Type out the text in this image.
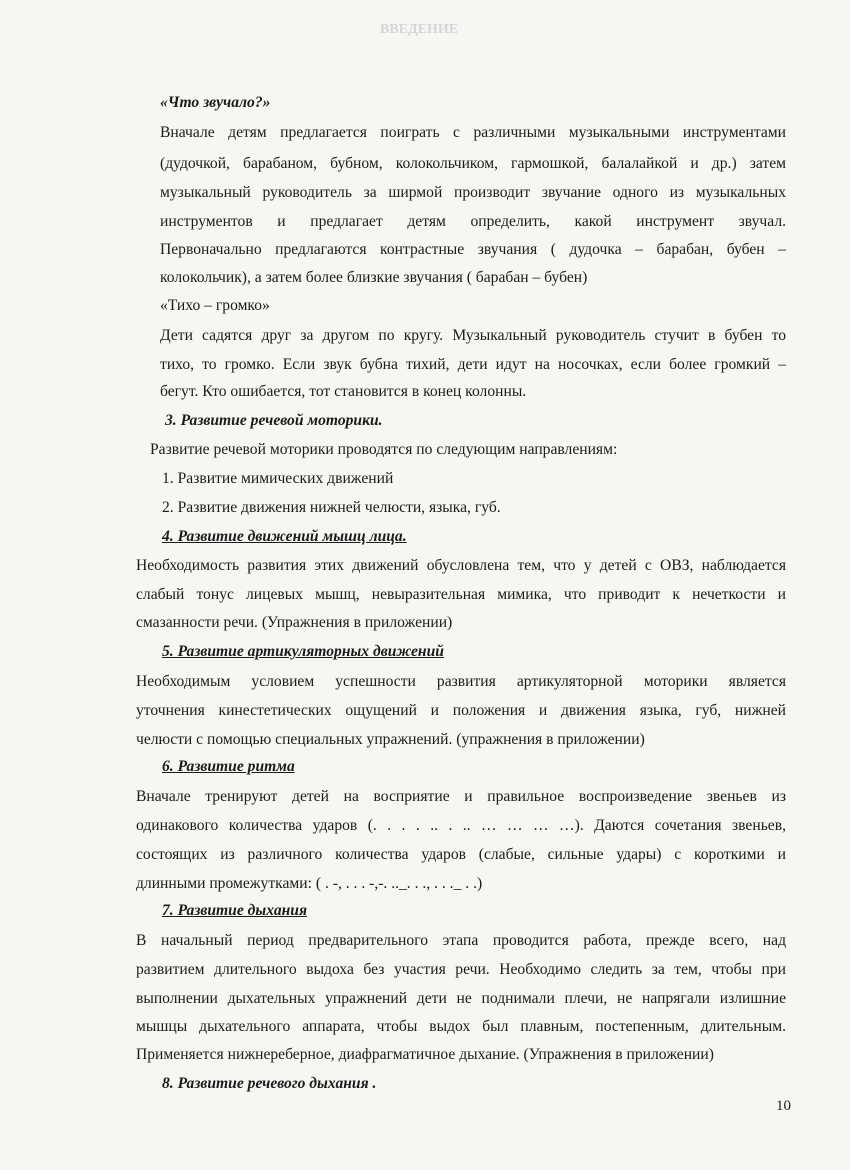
ВВЕДЕНИЕ
«Что звучало?»
Вначале детям предлагается поиграть с различными музыкальными инструментами
(дудочкой, барабаном, бубном, колокольчиком, гармошкой, балалайкой и др.) затем
музыкальный руководитель за ширмой производит звучание одного из музыкальных
инструментов и предлагает детям определить, какой инструмент звучал.
Первоначально предлагаются контрастные звучания ( дудочка – барабан, бубен –
колокольчик), а затем более близкие звучания ( барабан – бубен)
«Тихо – громко»
Дети садятся друг за другом по кругу. Музыкальный руководитель стучит в бубен то
тихо, то громко. Если звук бубна тихий, дети идут на носочках, если более громкий –
бегут. Кто ошибается, тот становится в конец колонны.
3. Развитие речевой моторики.
Развитие речевой моторики проводятся по следующим направлениям:
1. Развитие мимических движений
2. Развитие движения нижней челюсти, языка, губ.
4. Развитие движений мышц лица.
Необходимость развития этих движений обусловлена тем, что у детей с ОВЗ, наблюдается
слабый тонус лицевых мышц, невыразительная мимика, что приводит к нечеткости и
смазанности речи. (Упражнения в приложении)
5. Развитие артикуляторных движений
Необходимым условием успешности развития артикуляторной моторики является
уточнения кинестетических ощущений и положения и движения языка, губ, нижней
челюсти с помощью специальных упражнений. (упражнения в приложении)
6. Развитие ритма
Вначале тренируют детей на восприятие и правильное воспроизведение звеньев из
одинакового количества ударов (. . . . .. . .. … … … …). Даются сочетания звеньев,
состоящих из различного количества ударов (слабые, сильные удары) с короткими и
длинными промежутками: ( . -, . . . -,-. .._. . ., . . ._ . .)
7. Развитие дыхания
В начальный период предварительного этапа проводится работа, прежде всего, над
развитием длительного выдоха без участия речи. Необходимо следить за тем, чтобы при
выполнении дыхательных упражнений дети не поднимали плечи, не напрягали излишние
мышцы дыхательного аппарата, чтобы выдох был плавным, постепенным, длительным.
Применяется нижнереберное, диафрагматичное дыхание. (Упражнения в приложении)
8. Развитие речевого дыхания .
10
